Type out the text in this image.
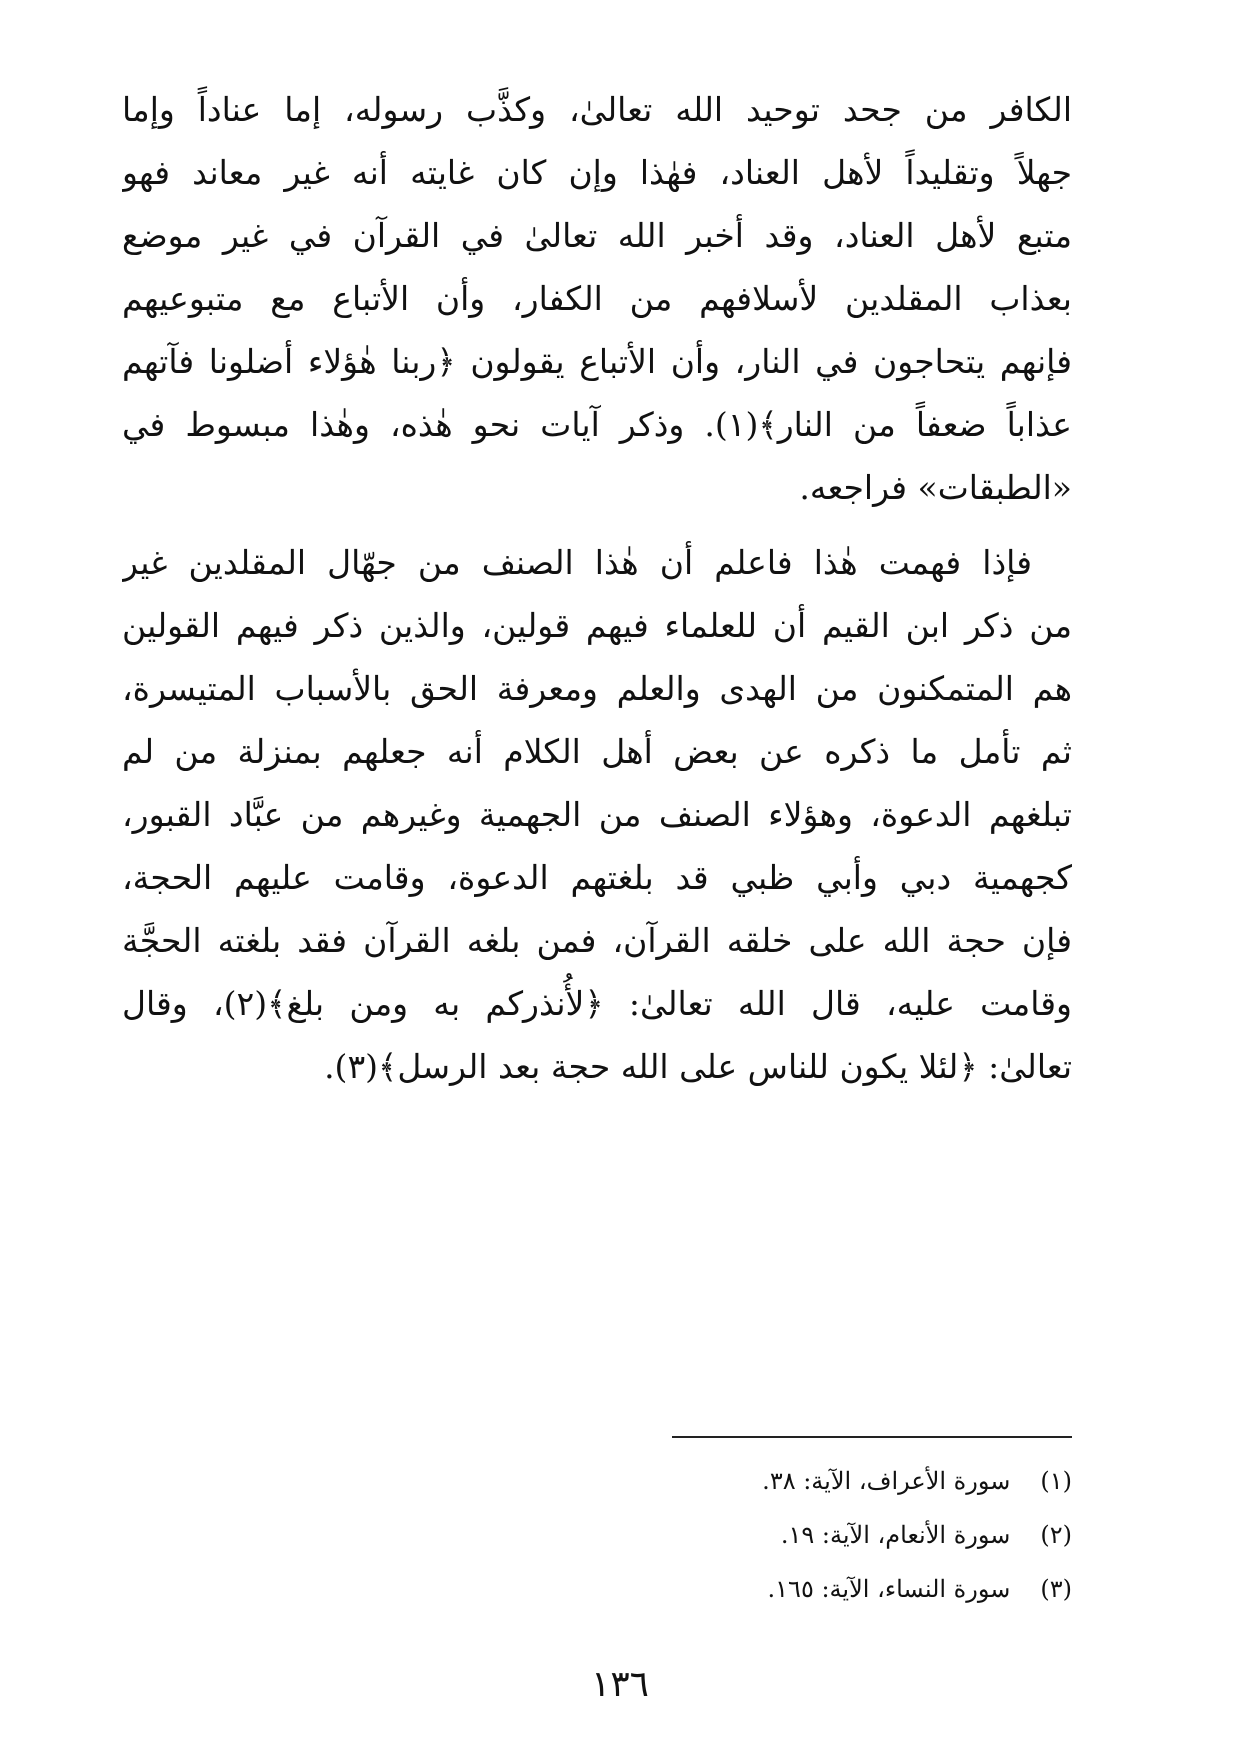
الكافر من جحد توحيد الله تعالىٰ، وكذَّب رسوله، إما عناداً وإما
جهلاً وتقليداً لأهل العناد، فهٰذا وإن كان غايته أنه غير معاند فهو
متبع لأهل العناد، وقد أخبر الله تعالىٰ في القرآن في غير موضع
بعذاب المقلدين لأسلافهم من الكفار، وأن الأتباع مع متبوعيهم
فإنهم يتحاجون في النار، وأن الأتباع يقولون ﴿ربنا هٰؤلاء أضلونا فآتهم
عذاباً ضعفاً من النار﴾(١). وذكر آيات نحو هٰذه، وهٰذا مبسوط في
«الطبقات» فراجعه.
فإذا فهمت هٰذا فاعلم أن هٰذا الصنف من جهّال المقلدين غير
من ذكر ابن القيم أن للعلماء فيهم قولين، والذين ذكر فيهم القولين
هم المتمكنون من الهدى والعلم ومعرفة الحق بالأسباب المتيسرة،
ثم تأمل ما ذكره عن بعض أهل الكلام أنه جعلهم بمنزلة من لم
تبلغهم الدعوة، وهؤلاء الصنف من الجهمية وغيرهم من عبَّاد القبور،
كجهمية دبي وأبي ظبي قد بلغتهم الدعوة، وقامت عليهم الحجة،
فإن حجة الله على خلقه القرآن، فمن بلغه القرآن فقد بلغته الحجَّة
وقامت عليه، قال الله تعالىٰ: ﴿لأُنذركم به ومن بلغ﴾(٢)، وقال
تعالىٰ: ﴿لئلا يكون للناس على الله حجة بعد الرسل﴾(٣).
(١) سورة الأعراف، الآية: ٣٨.
(٢) سورة الأنعام، الآية: ١٩.
(٣) سورة النساء، الآية: ١٦٥.
١٣٦
